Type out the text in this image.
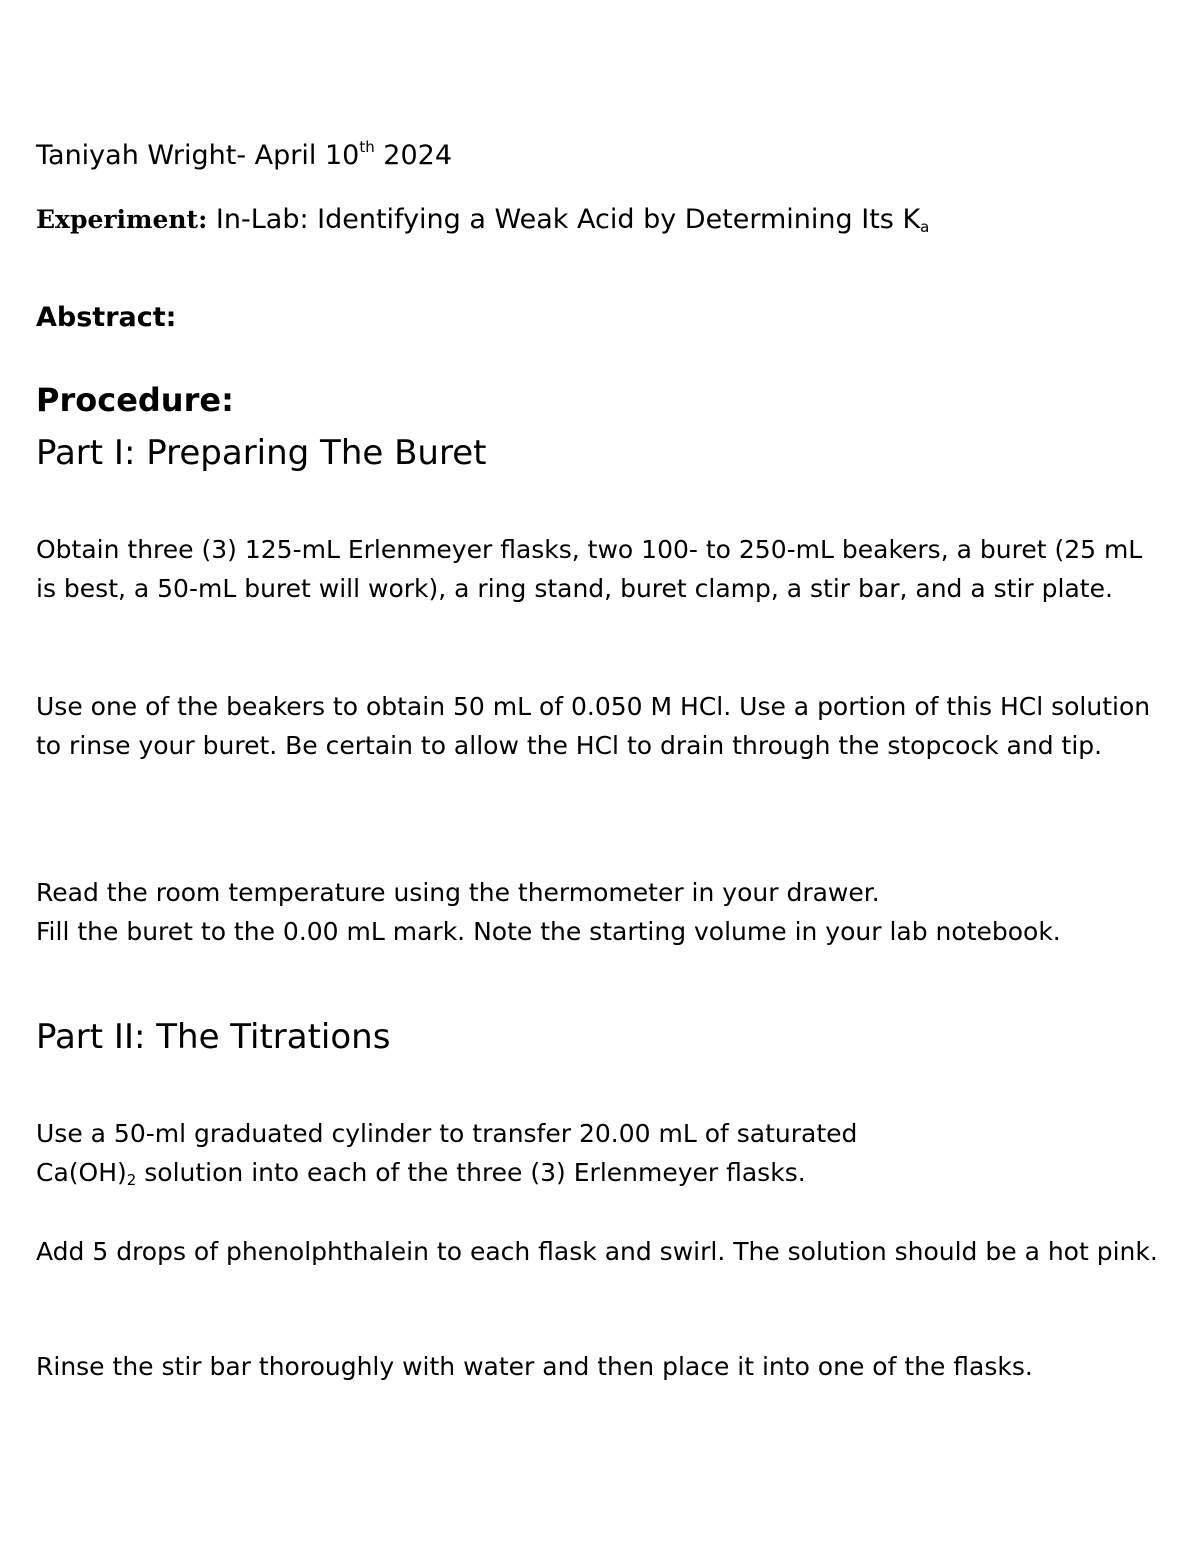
Taniyah Wright- April 10th 2024

Experiment: In-Lab: Identifying a Weak Acid by Determining Its $K_a$

Abstract:

Procedure:

Part I: Preparing The Buret

Obtain three (3) 125-mL Erlenmeyer flasks, two 100- to 250-mL beakers, a buret (25 mL is best, a 50-mL buret will work), a ring stand, buret clamp, a stir bar, and a stir plate.

Use one of the beakers to obtain 50 mL of 0.050 M HCl. Use a portion of this HCl solution to rinse your buret. Be certain to allow the HCl to drain through the stopcock and tip.

Read the room temperature using the thermometer in your drawer.

Fill the buret to the 0.00 mL mark. Note the starting volume in your lab notebook.

Part II: The Titrations

Use a 50-ml graduated cylinder to transfer 20.00 mL of saturated

$Ca(OH)_2$ solution into each of the three (3) Erlenmeyer flasks.

Add 5 drops of phenolphthalein to each flask and swirl. The solution should be a hot pink.

Rinse the stir bar thoroughly with water and then place it into one of the flasks.
